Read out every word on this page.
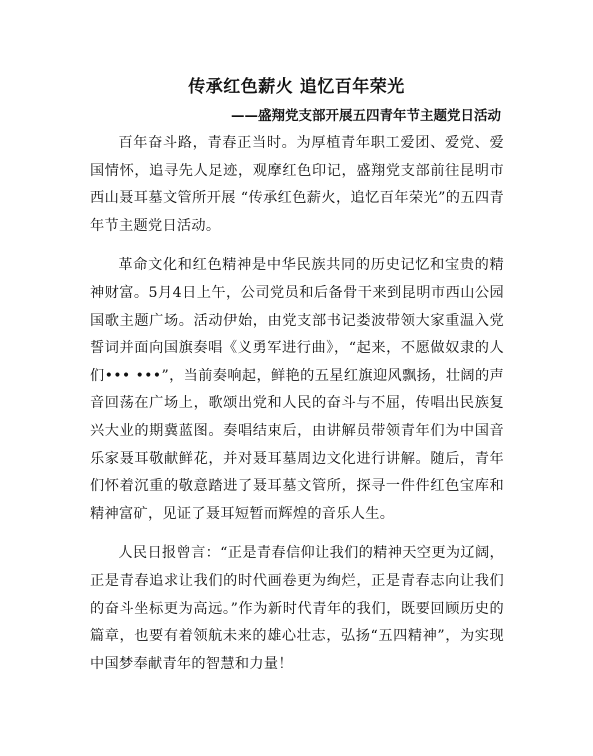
传承红色薪火 追忆百年荣光

——盛翔党支部开展五四青年节主题党日活动

百年奋斗路，青春正当时。为厚植青年职工爱团、爱党、爱国情怀，追寻先人足迹，观摩红色印记，盛翔党支部前往昆明市西山聂耳墓文管所开展 “传承红色薪火，追忆百年荣光”的五四青年节主题党日活动。

革命文化和红色精神是中华民族共同的历史记忆和宝贵的精神财富。5月4日上午，公司党员和后备骨干来到昆明市西山公园国歌主题广场。活动伊始，由党支部书记娄波带领大家重温入党誓词并面向国旗奏唱《义勇军进行曲》，“起来，不愿做奴隶的人们••• •••”，当前奏响起，鲜艳的五星红旗迎风飘扬，壮阔的声音回荡在广场上，歌颂出党和人民的奋斗与不屈，传唱出民族复兴大业的期冀蓝图。奏唱结束后，由讲解员带领青年们为中国音乐家聂耳敬献鲜花，并对聂耳墓周边文化进行讲解。随后，青年们怀着沉重的敬意踏进了聂耳墓文管所，探寻一件件红色宝库和精神富矿，见证了聂耳短暂而辉煌的音乐人生。

人民日报曾言：“正是青春信仰让我们的精神天空更为辽阔，正是青春追求让我们的时代画卷更为绚烂，正是青春志向让我们的奋斗坐标更为高远。”作为新时代青年的我们，既要回顾历史的篇章，也要有着领航未来的雄心壮志，弘扬“五四精神”，为实现中国梦奉献青年的智慧和力量！
